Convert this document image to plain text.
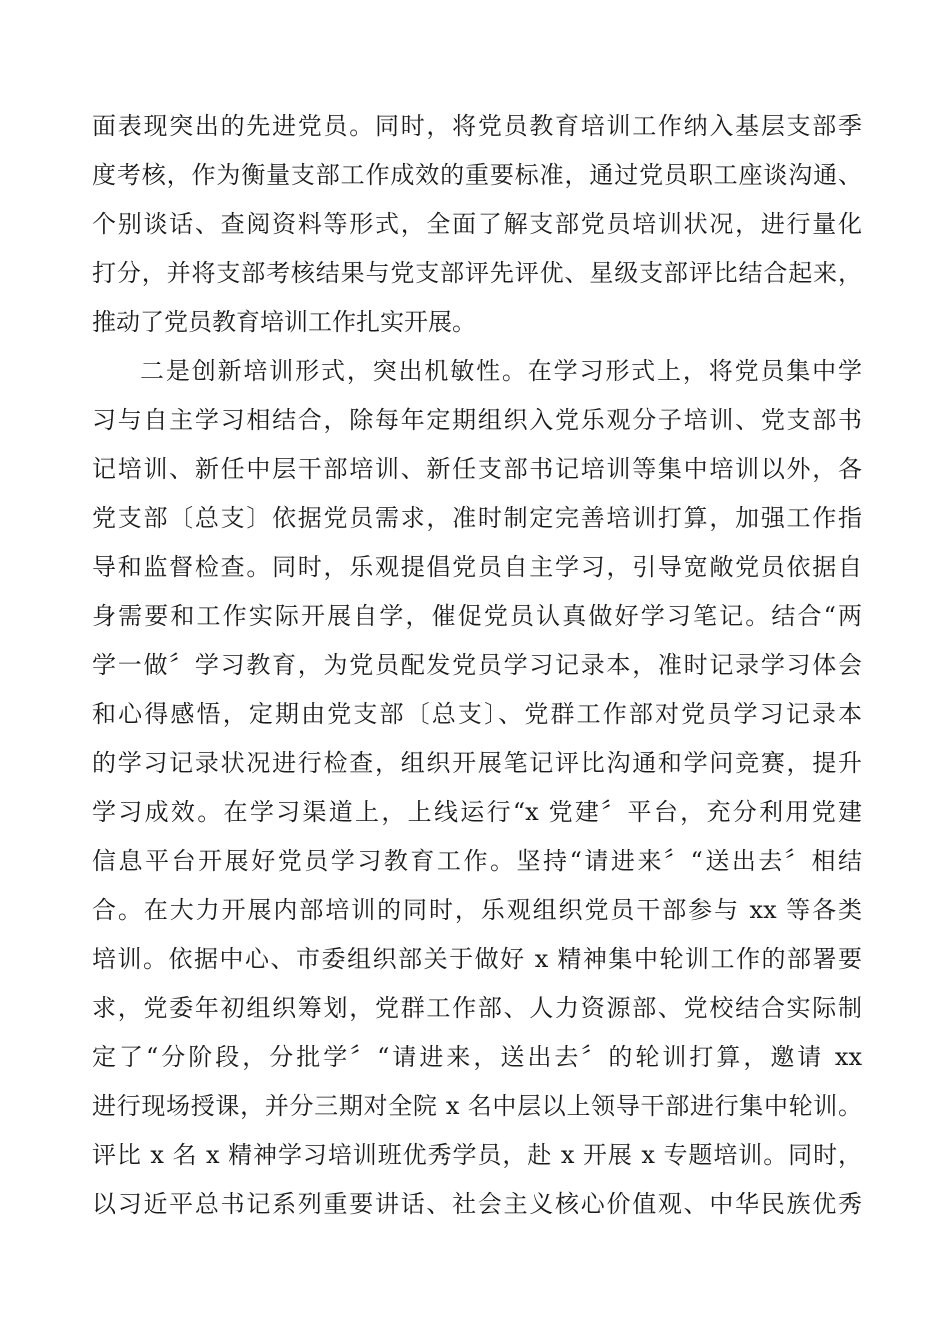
面表现突出的先进党员。同时，将党员教育培训工作纳入基层支部季
度考核，作为衡量支部工作成效的重要标准，通过党员职工座谈沟通、
个别谈话、查阅资料等形式，全面了解支部党员培训状况，进行量化
打分，并将支部考核结果与党支部评先评优、星级支部评比结合起来，
推动了党员教育培训工作扎实开展。
二是创新培训形式，突出机敏性。在学习形式上，将党员集中学
习与自主学习相结合，除每年定期组织入党乐观分子培训、党支部书
记培训、新任中层干部培训、新任支部书记培训等集中培训以外，各
党支部〔总支〕依据党员需求，准时制定完善培训打算，加强工作指
导和监督检查。同时，乐观提倡党员自主学习，引导宽敞党员依据自
身需要和工作实际开展自学，催促党员认真做好学习笔记。结合“两
学一做〞学习教育，为党员配发党员学习记录本，准时记录学习体会
和心得感悟，定期由党支部〔总支〕、党群工作部对党员学习记录本
的学习记录状况进行检查，组织开展笔记评比沟通和学问竞赛，提升
学习成效。在学习渠道上，上线运行“x 党建〞平台，充分利用党建
信息平台开展好党员学习教育工作。坚持“请进来〞“送出去〞相结
合。在大力开展内部培训的同时，乐观组织党员干部参与 xx 等各类
培训。依据中心、市委组织部关于做好 x 精神集中轮训工作的部署要
求，党委年初组织筹划，党群工作部、人力资源部、党校结合实际制
定了“分阶段，分批学〞“请进来，送出去〞的轮训打算，邀请 xx
进行现场授课，并分三期对全院 x 名中层以上领导干部进行集中轮训。
评比 x 名 x 精神学习培训班优秀学员，赴 x 开展 x 专题培训。同时，
以习近平总书记系列重要讲话、社会主义核心价值观、中华民族优秀
